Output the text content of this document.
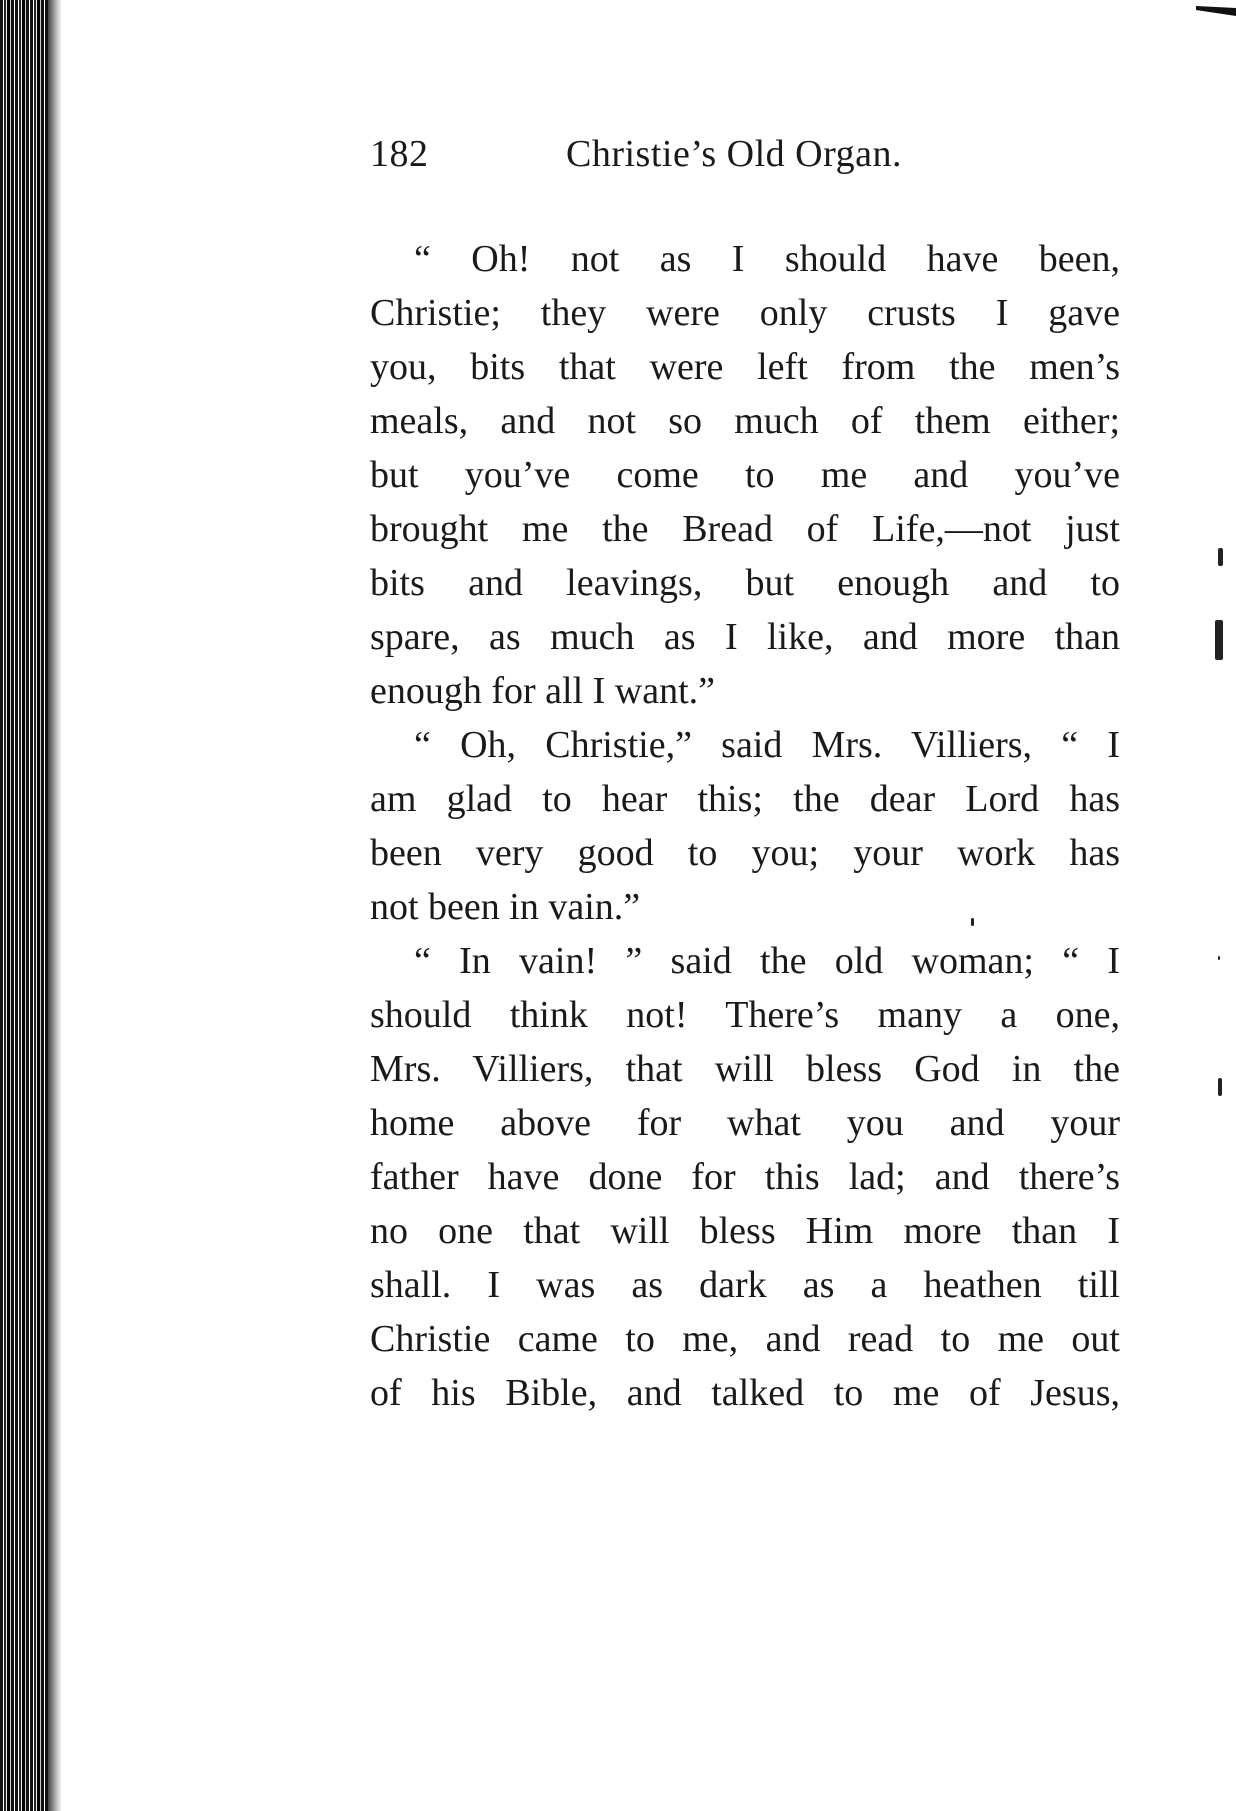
182	Christie’s Old Organ.
“ Oh! not as I should have been,
Christie; they were only crusts I gave
you, bits that were left from the men’s
meals, and not so much of them either;
but you’ve come to me and you’ve
brought me the Bread of Life,—not just
bits and leavings, but enough and to
spare, as much as I like, and more than
enough for all I want.”
“ Oh, Christie,” said Mrs. Villiers, “ I
am glad to hear this; the dear Lord has
been very good to you; your work has
not been in vain.”
“ In vain! ” said the old woman; “ I
should think not! There’s many a one,
Mrs. Villiers, that will bless God in the
home above for what you and your
father have done for this lad; and there’s
no one that will bless Him more than I
shall. I was as dark as a heathen till
Christie came to me, and read to me out
of his Bible, and talked to me of Jesus,
